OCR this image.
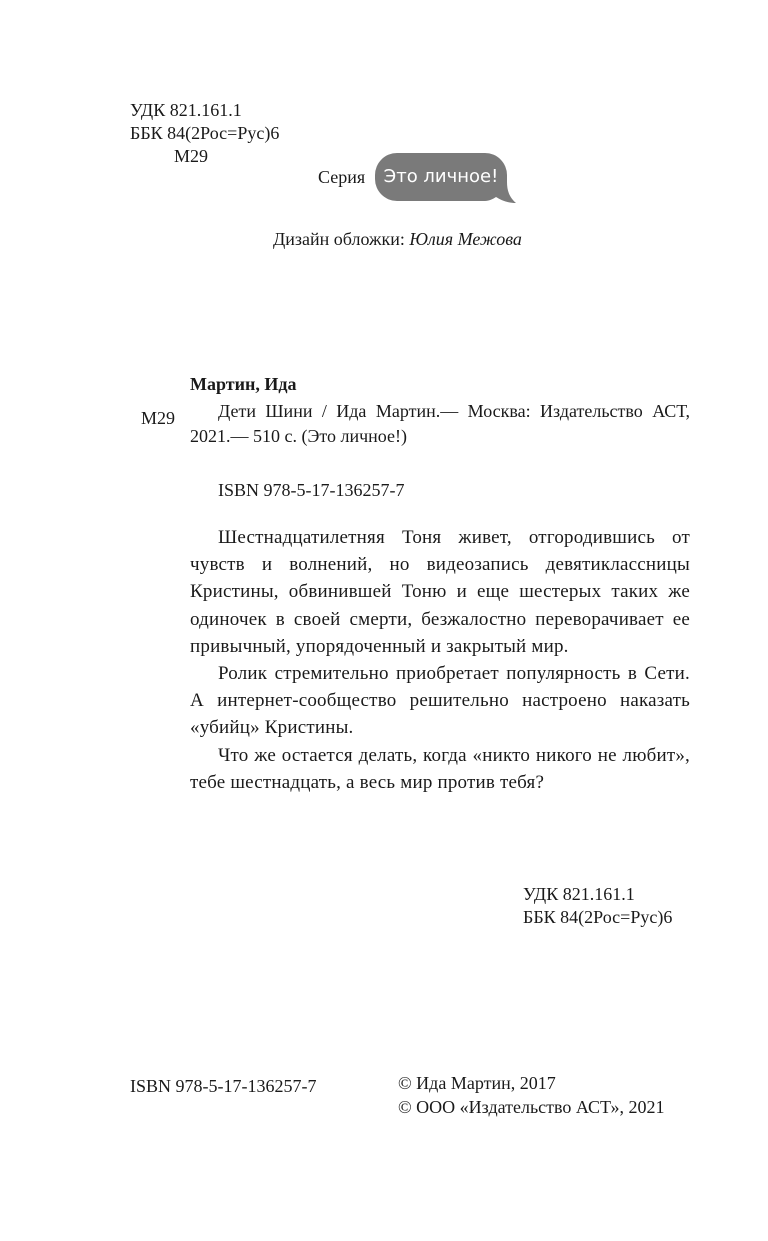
УДК 821.161.1
ББК 84(2Рос=Рус)6
М29
Серия	Это личное!
Дизайн обложки: Юлия Межова
Мартин, Ида
М29	Дети Шини / Ида Мартин.— Москва: Издательство АСТ,
2021.— 510 с. (Это личное!)
ISBN 978-5-17-136257-7

Шестнадцатилетняя Тоня живет, отгородившись от чувств и волнений, но видеозапись девятиклассницы Кристины, обвинившей Тоню и еще шестерых таких же одиночек в своей смерти, безжалостно переворачивает ее привычный, упорядоченный и закрытый мир.

Ролик стремительно приобретает популярность в Сети. А интернет-сообщество решительно настроено наказать «убийц» Кристины.

Что же остается делать, когда «никто никого не любит», тебе шестнадцать, а весь мир против тебя?

УДК 821.161.1
ББК 84(2Рос=Рус)6
ISBN 978-5-17-136257-7	© Ида Мартин, 2017
© ООО «Издательство АСТ», 2021
